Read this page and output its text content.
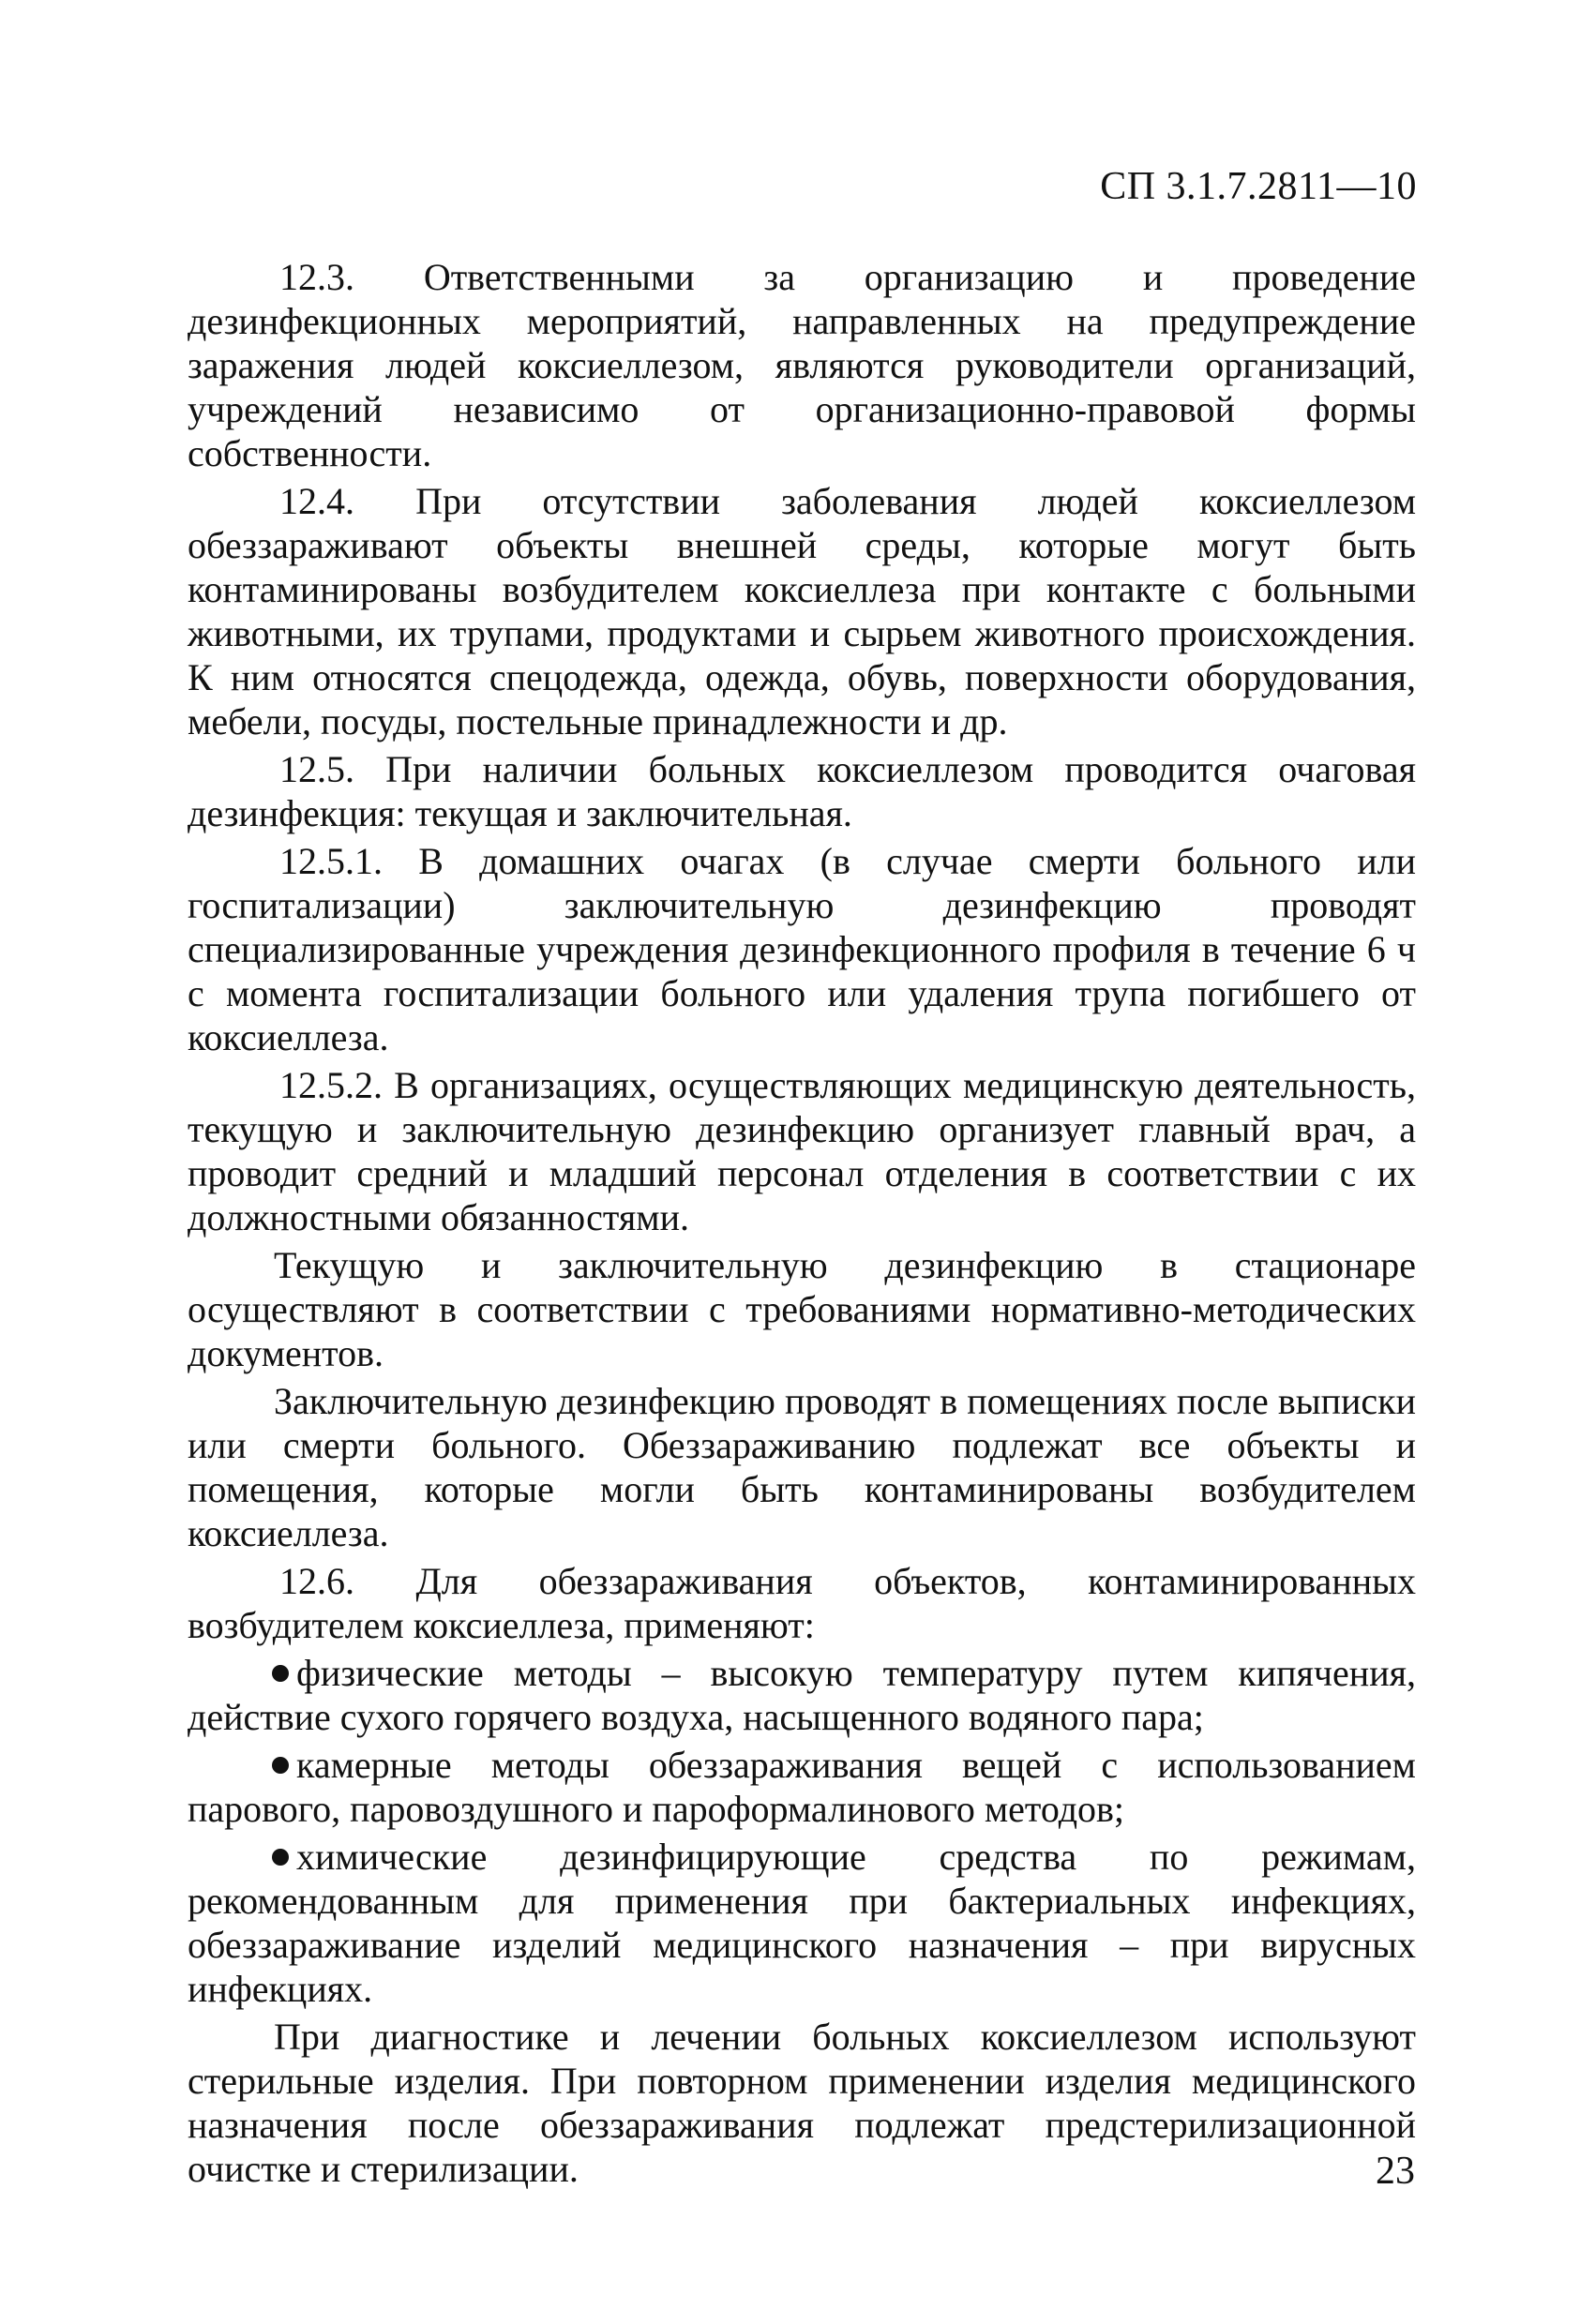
СП 3.1.7.2811—10

12.3. Ответственными за организацию и проведение дезинфекционных мероприятий, направленных на предупреждение заражения людей коксиеллезом, являются руководители организаций, учреждений независимо от организационно-правовой формы собственности.

12.4. При отсутствии заболевания людей коксиеллезом обеззараживают объекты внешней среды, которые могут быть контаминированы возбудителем коксиеллеза при контакте с больными животными, их трупами, продуктами и сырьем животного происхождения. К ним относятся спецодежда, одежда, обувь, поверхности оборудования, мебели, посуды, постельные принадлежности и др.

12.5. При наличии больных коксиеллезом проводится очаговая дезинфекция: текущая и заключительная.

12.5.1. В домашних очагах (в случае смерти больного или госпитализации) заключительную дезинфекцию проводят специализированные учреждения дезинфекционного профиля в течение 6 ч с момента госпитализации больного или удаления трупа погибшего от коксиеллеза.

12.5.2. В организациях, осуществляющих медицинскую деятельность, текущую и заключительную дезинфекцию организует главный врач, а проводит средний и младший персонал отделения в соответствии с их должностными обязанностями.

Текущую и заключительную дезинфекцию в стационаре осуществляют в соответствии с требованиями нормативно-методических документов.

Заключительную дезинфекцию проводят в помещениях после выписки или смерти больного. Обеззараживанию подлежат все объекты и помещения, которые могли быть контаминированы возбудителем коксиеллеза.

12.6. Для обеззараживания объектов, контаминированных возбудителем коксиеллеза, применяют:

физические методы – высокую температуру путем кипячения, действие сухого горячего воздуха, насыщенного водяного пара;

камерные методы обеззараживания вещей с использованием парового, паровоздушного и пароформалинового методов;

химические дезинфицирующие средства по режимам, рекомендованным для применения при бактериальных инфекциях, обеззараживание изделий медицинского назначения – при вирусных инфекциях.

При диагностике и лечении больных коксиеллезом используют стерильные изделия. При повторном применении изделия медицинского назначения после обеззараживания подлежат предстерилизационной очистке и стерилизации.	23
